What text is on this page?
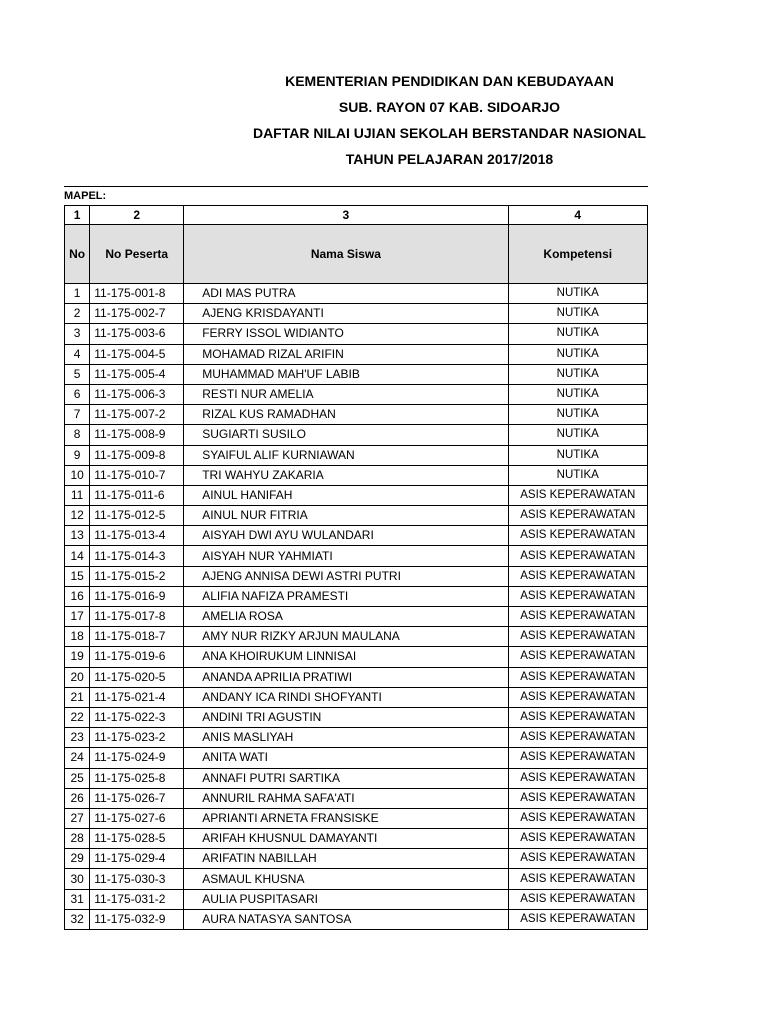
KEMENTERIAN PENDIDIKAN DAN KEBUDAYAAN
SUB. RAYON 07 KAB. SIDOARJO
DAFTAR NILAI UJIAN SEKOLAH BERSTANDAR NASIONAL
TAHUN PELAJARAN 2017/2018
MAPEL:
1	2	3	4
No	No Peserta	Nama Siswa	Kompetensi
1	11-175-001-8	ADI MAS PUTRA	NUTIKA
2	11-175-002-7	AJENG KRISDAYANTI	NUTIKA
3	11-175-003-6	FERRY ISSOL WIDIANTO	NUTIKA
4	11-175-004-5	MOHAMAD RIZAL ARIFIN	NUTIKA
5	11-175-005-4	MUHAMMAD MAH'UF LABIB	NUTIKA
6	11-175-006-3	RESTI NUR AMELIA	NUTIKA
7	11-175-007-2	RIZAL KUS RAMADHAN	NUTIKA
8	11-175-008-9	SUGIARTI SUSILO	NUTIKA
9	11-175-009-8	SYAIFUL ALIF KURNIAWAN	NUTIKA
10	11-175-010-7	TRI WAHYU ZAKARIA	NUTIKA
11	11-175-011-6	AINUL HANIFAH	ASIS KEPERAWATAN
12	11-175-012-5	AINUL NUR FITRIA	ASIS KEPERAWATAN
13	11-175-013-4	AISYAH DWI AYU WULANDARI	ASIS KEPERAWATAN
14	11-175-014-3	AISYAH NUR YAHMIATI	ASIS KEPERAWATAN
15	11-175-015-2	AJENG ANNISA DEWI ASTRI PUTRI	ASIS KEPERAWATAN
16	11-175-016-9	ALIFIA NAFIZA PRAMESTI	ASIS KEPERAWATAN
17	11-175-017-8	AMELIA ROSA	ASIS KEPERAWATAN
18	11-175-018-7	AMY NUR RIZKY ARJUN MAULANA	ASIS KEPERAWATAN
19	11-175-019-6	ANA KHOIRUKUM LINNISAI	ASIS KEPERAWATAN
20	11-175-020-5	ANANDA APRILIA PRATIWI	ASIS KEPERAWATAN
21	11-175-021-4	ANDANY ICA RINDI SHOFYANTI	ASIS KEPERAWATAN
22	11-175-022-3	ANDINI TRI AGUSTIN	ASIS KEPERAWATAN
23	11-175-023-2	ANIS MASLIYAH	ASIS KEPERAWATAN
24	11-175-024-9	ANITA WATI	ASIS KEPERAWATAN
25	11-175-025-8	ANNAFI PUTRI SARTIKA	ASIS KEPERAWATAN
26	11-175-026-7	ANNURIL RAHMA SAFA'ATI	ASIS KEPERAWATAN
27	11-175-027-6	APRIANTI ARNETA FRANSISKE	ASIS KEPERAWATAN
28	11-175-028-5	ARIFAH KHUSNUL DAMAYANTI	ASIS KEPERAWATAN
29	11-175-029-4	ARIFATIN NABILLAH	ASIS KEPERAWATAN
30	11-175-030-3	ASMAUL KHUSNA	ASIS KEPERAWATAN
31	11-175-031-2	AULIA PUSPITASARI	ASIS KEPERAWATAN
32	11-175-032-9	AURA NATASYA SANTOSA	ASIS KEPERAWATAN
